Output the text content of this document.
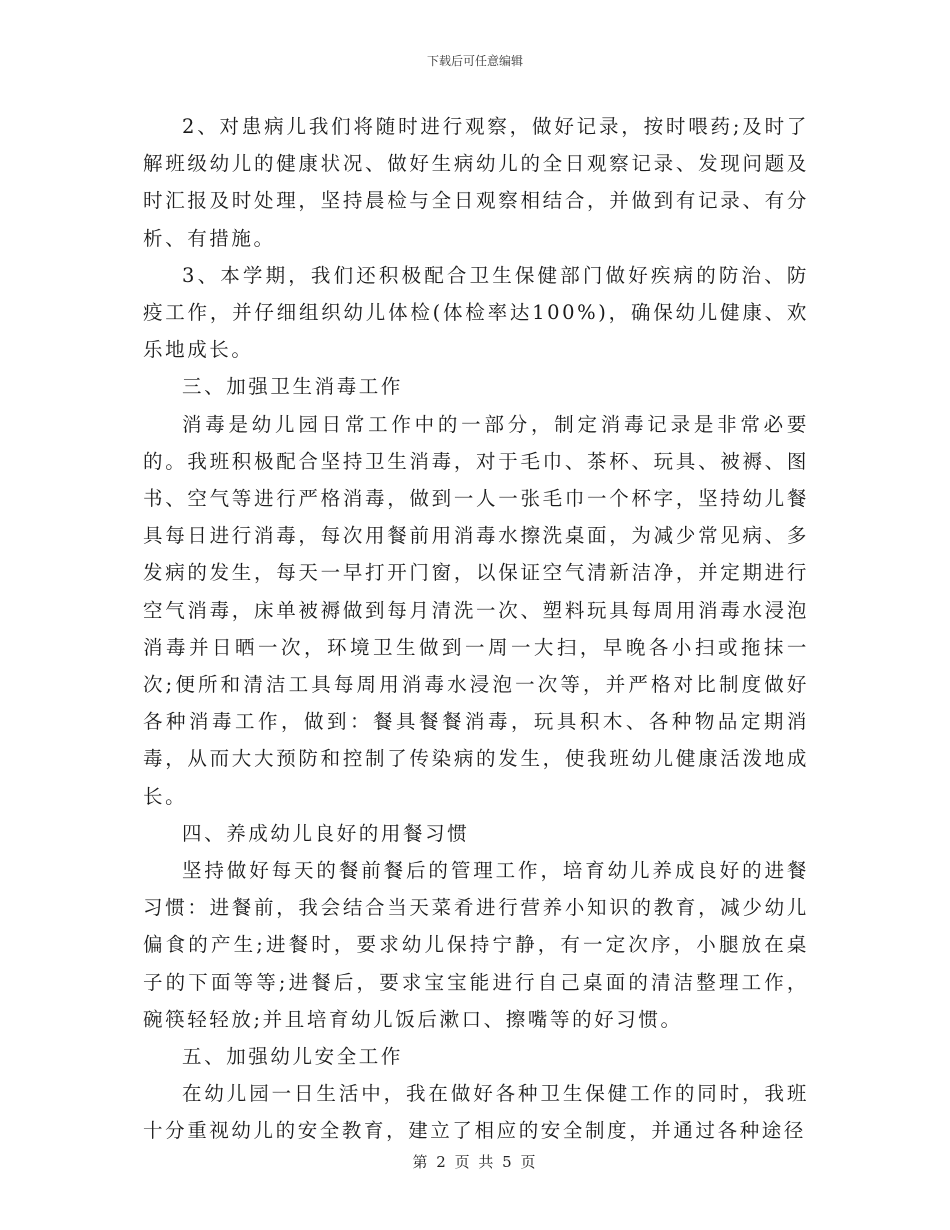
下载后可任意编辑

2、对患病儿我们将随时进行观察，做好记录，按时喂药;及时了解班级幼儿的健康状况、做好生病幼儿的全日观察记录、发现问题及时汇报及时处理，坚持晨检与全日观察相结合，并做到有记录、有分析、有措施。

3、本学期，我们还积极配合卫生保健部门做好疾病的防治、防疫工作，并仔细组织幼儿体检(体检率达100%)，确保幼儿健康、欢乐地成长。

三、加强卫生消毒工作

消毒是幼儿园日常工作中的一部分，制定消毒记录是非常必要的。我班积极配合坚持卫生消毒，对于毛巾、茶杯、玩具、被褥、图书、空气等进行严格消毒，做到一人一张毛巾一个杯字，坚持幼儿餐具每日进行消毒，每次用餐前用消毒水擦洗桌面，为减少常见病、多发病的发生，每天一早打开门窗，以保证空气清新洁净，并定期进行空气消毒，床单被褥做到每月清洗一次、塑料玩具每周用消毒水浸泡消毒并日晒一次，环境卫生做到一周一大扫，早晚各小扫或拖抹一次;便所和清洁工具每周用消毒水浸泡一次等，并严格对比制度做好各种消毒工作，做到：餐具餐餐消毒，玩具积木、各种物品定期消毒，从而大大预防和控制了传染病的发生，使我班幼儿健康活泼地成长。

四、养成幼儿良好的用餐习惯

坚持做好每天的餐前餐后的管理工作，培育幼儿养成良好的进餐习惯：进餐前，我会结合当天菜肴进行营养小知识的教育，减少幼儿偏食的产生;进餐时，要求幼儿保持宁静，有一定次序，小腿放在桌子的下面等等;进餐后，要求宝宝能进行自己桌面的清洁整理工作，碗筷轻轻放;并且培育幼儿饭后漱口、擦嘴等的好习惯。

五、加强幼儿安全工作

在幼儿园一日生活中，我在做好各种卫生保健工作的同时，我班十分重视幼儿的安全教育，建立了相应的安全制度，并通过各种途径

第 2 页 共 5 页
